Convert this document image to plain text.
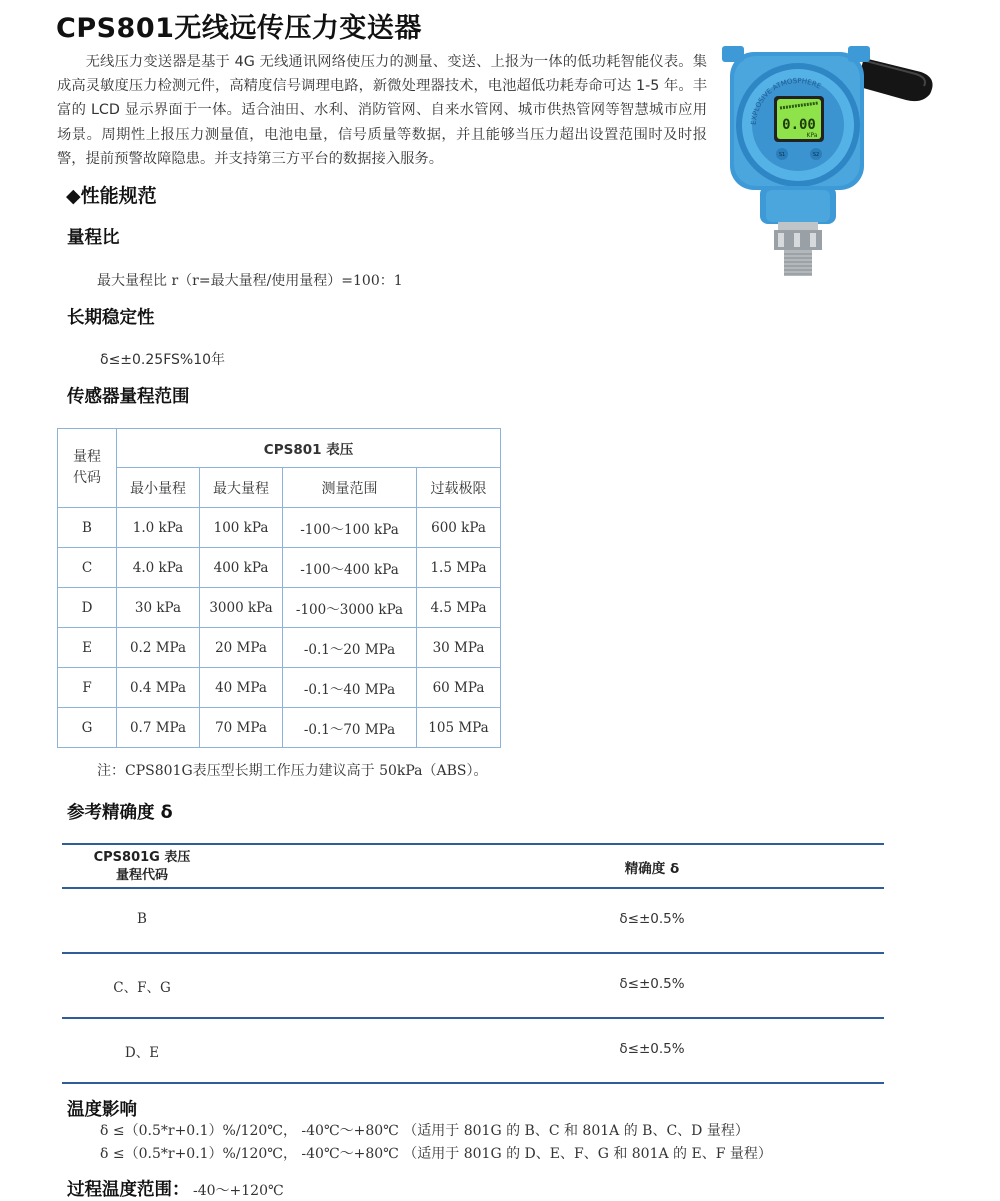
CPS801无线远传压力变送器

无线压力变送器是基于 4G 无线通讯网络使压力的测量、变送、上报为一体的低功耗智能仪表。集成高灵敏度压力检测元件，高精度信号调理电路，新微处理器技术，电池超低功耗寿命可达 1-5 年。丰富的 LCD 显示界面于一体。适合油田、水利、消防管网、自来水管网、城市供热管网等智慧城市应用场景。周期性上报压力测量值，电池电量，信号质量等数据，并且能够当压力超出设置范围时及时报警，提前预警故障隐患。并支持第三方平台的数据接入服务。

EXPLOSIVE ATMOSPHERE
0.00
KPa
S1	S2
◆性能规范
量程比
最大量程比 r（r=最大量程/使用量程）=100：1
长期稳定性
δ≤±0.25FS%10年
传感器量程范围
量程
代码	CPS801 表压			
	最小量程	最大量程	测量范围	过载极限
B	1.0 kPa	100 kPa	-100～100 kPa	600 kPa
C	4.0 kPa	400 kPa	-100～400 kPa	1.5 MPa
D	30 kPa	3000 kPa	-100～3000 kPa	4.5 MPa
E	0.2 MPa	20 MPa	-0.1～20 MPa	30 MPa
F	0.4 MPa	40 MPa	-0.1～40 MPa	60 MPa
G	0.7 MPa	70 MPa	-0.1～70 MPa	105 MPa
注：CPS801G表压型长期工作压力建议高于 50kPa（ABS）。
参考精确度 δ
CPS801G 表压
量程代码	精确度 δ
B	δ≤±0.5%
C、F、G	δ≤±0.5%
D、E	δ≤±0.5%
温度影响
δ ≤（0.5*r+0.1）%/120℃， -40℃～+80℃ （适用于 801G 的 B、C 和 801A 的 B、C、D 量程）
δ ≤（0.5*r+0.1）%/120℃， -40℃～+80℃ （适用于 801G 的 D、E、F、G 和 801A 的 E、F 量程）
过程温度范围： -40～+120℃
